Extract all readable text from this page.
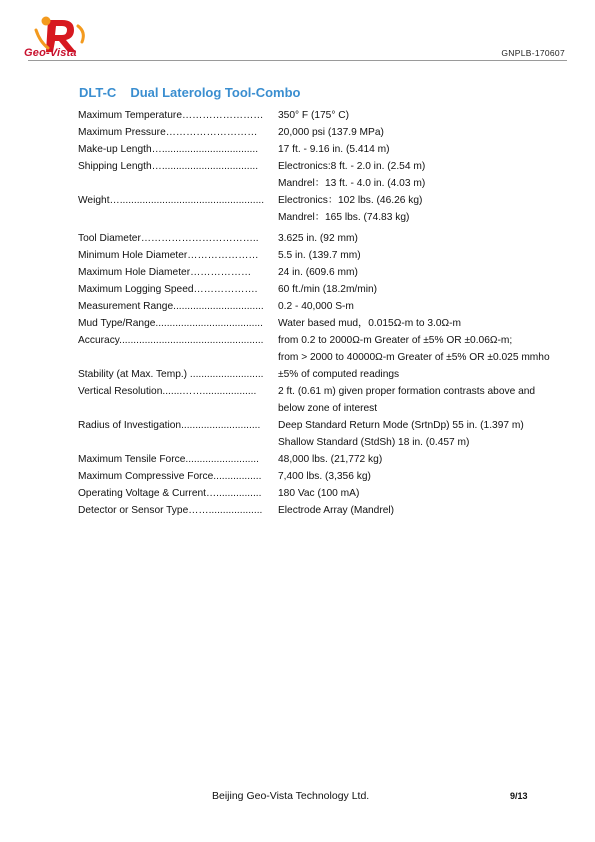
Geo-Vista	GNPLB-170607
DLT-C Dual Laterolog Tool-Combo
Maximum Temperature……………………	350° F (175° C)
Maximum Pressure………………………	20,000 psi (137.9 MPa)
Make-up Length…..................................	17 ft. - 9.16 in. (5.414 m)
Shipping Length…..................................	Electronics:8 ft. - 2.0 in. (2.54 m)
Mandrel：13 ft. - 4.0 in. (4.03 m)
Weight…...................................................	Electronics：102 lbs. (46.26 kg)
Mandrel：165 lbs. (74.83 kg)
Tool Diameter……………………………..	3.625 in. (92 mm)
Minimum Hole Diameter…………………	5.5 in. (139.7 mm)
Maximum Hole Diameter………………	24 in. (609.6 mm)
Maximum Logging Speed……………….	60 ft./min (18.2m/min)
Measurement Range................................	0.2 - 40,000 S-m
Mud Type/Range......................................	Water based mud，0.015Ω-m to 3.0Ω-m
Accuracy...................................................	from 0.2 to 2000Ω-m Greater of ±5% OR ±0.06Ω-m;
from > 2000 to 40000Ω-m Greater of ±5% OR ±0.025 mmho
Stability (at Max. Temp.) ..........................	±5% of computed readings
Vertical Resolution.......……...................	2 ft. (0.61 m) given proper formation contrasts above and below zone of interest
Radius of Investigation............................	Deep Standard Return Mode (SrtnDp) 55 in. (1.397 m)
Shallow Standard (StdSh) 18 in. (0.457 m)
Maximum Tensile Force..........................	48,000 lbs. (21,772 kg)
Maximum Compressive Force.................	7,400 lbs. (3,356 kg)
Operating Voltage & Current…................	180 Vac (100 mA)
Detector or Sensor Type……...................	Electrode Array (Mandrel)
Beijing Geo-Vista Technology Ltd.	9/13
